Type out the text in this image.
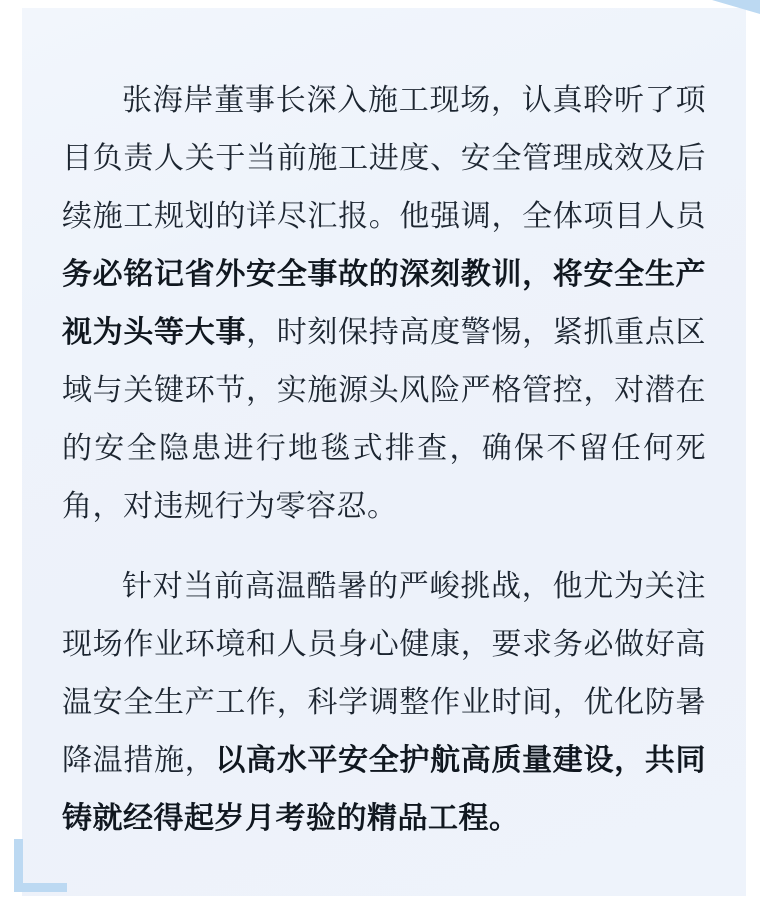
张海岸董事长深入施工现场，认真聆听了项目负责人关于当前施工进度、安全管理成效及后续施工规划的详尽汇报。他强调，全体项目人员务必铭记省外安全事故的深刻教训，将安全生产视为头等大事，时刻保持高度警惕，紧抓重点区域与关键环节，实施源头风险严格管控，对潜在的安全隐患进行地毯式排查，确保不留任何死角，对违规行为零容忍。

针对当前高温酷暑的严峻挑战，他尤为关注现场作业环境和人员身心健康，要求务必做好高温安全生产工作，科学调整作业时间，优化防暑降温措施，以高水平安全护航高质量建设，共同铸就经得起岁月考验的精品工程。
